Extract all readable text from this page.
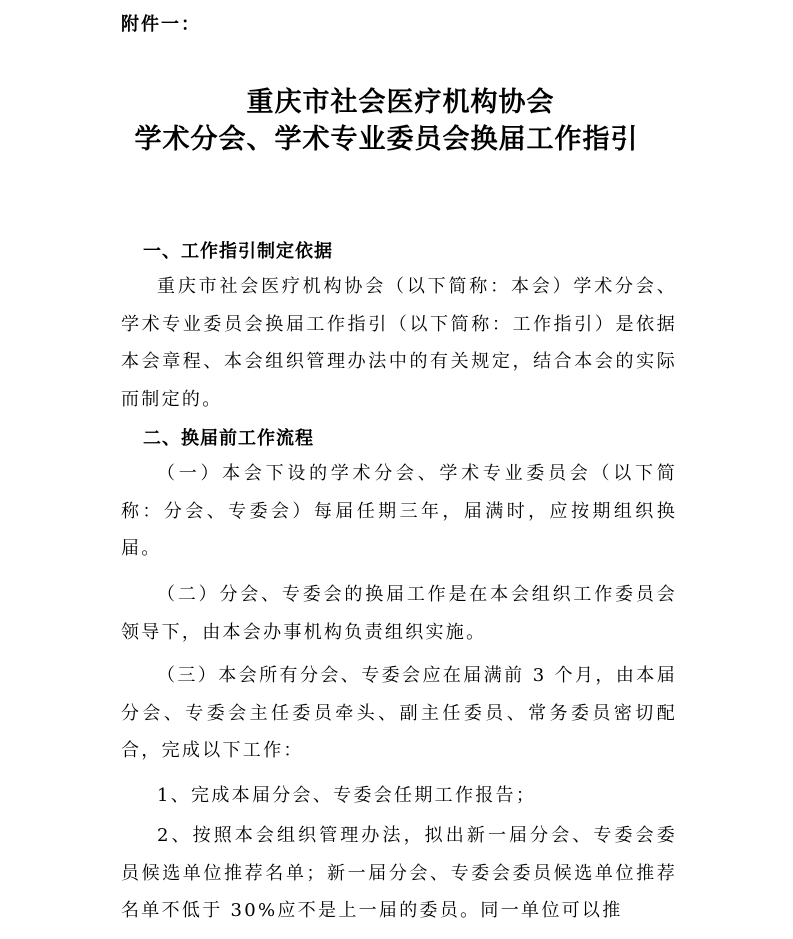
附件一：
重庆市社会医疗机构协会
学术分会、学术专业委员会换届工作指引
一、工作指引制定依据
重庆市社会医疗机构协会（以下简称：本会）学术分会、学术专业委员会换届工作指引（以下简称：工作指引）是依据本会章程、本会组织管理办法中的有关规定，结合本会的实际而制定的。
二、换届前工作流程
（一）本会下设的学术分会、学术专业委员会（以下简称：分会、专委会）每届任期三年，届满时，应按期组织换届。
（二）分会、专委会的换届工作是在本会组织工作委员会领导下，由本会办事机构负责组织实施。
（三）本会所有分会、专委会应在届满前 3 个月，由本届分会、专委会主任委员牵头、副主任委员、常务委员密切配合，完成以下工作：
1、完成本届分会、专委会任期工作报告；
2、按照本会组织管理办法，拟出新一届分会、专委会委员候选单位推荐名单；新一届分会、专委会委员候选单位推荐名单不低于 30%应不是上一届的委员。同一单位可以推
